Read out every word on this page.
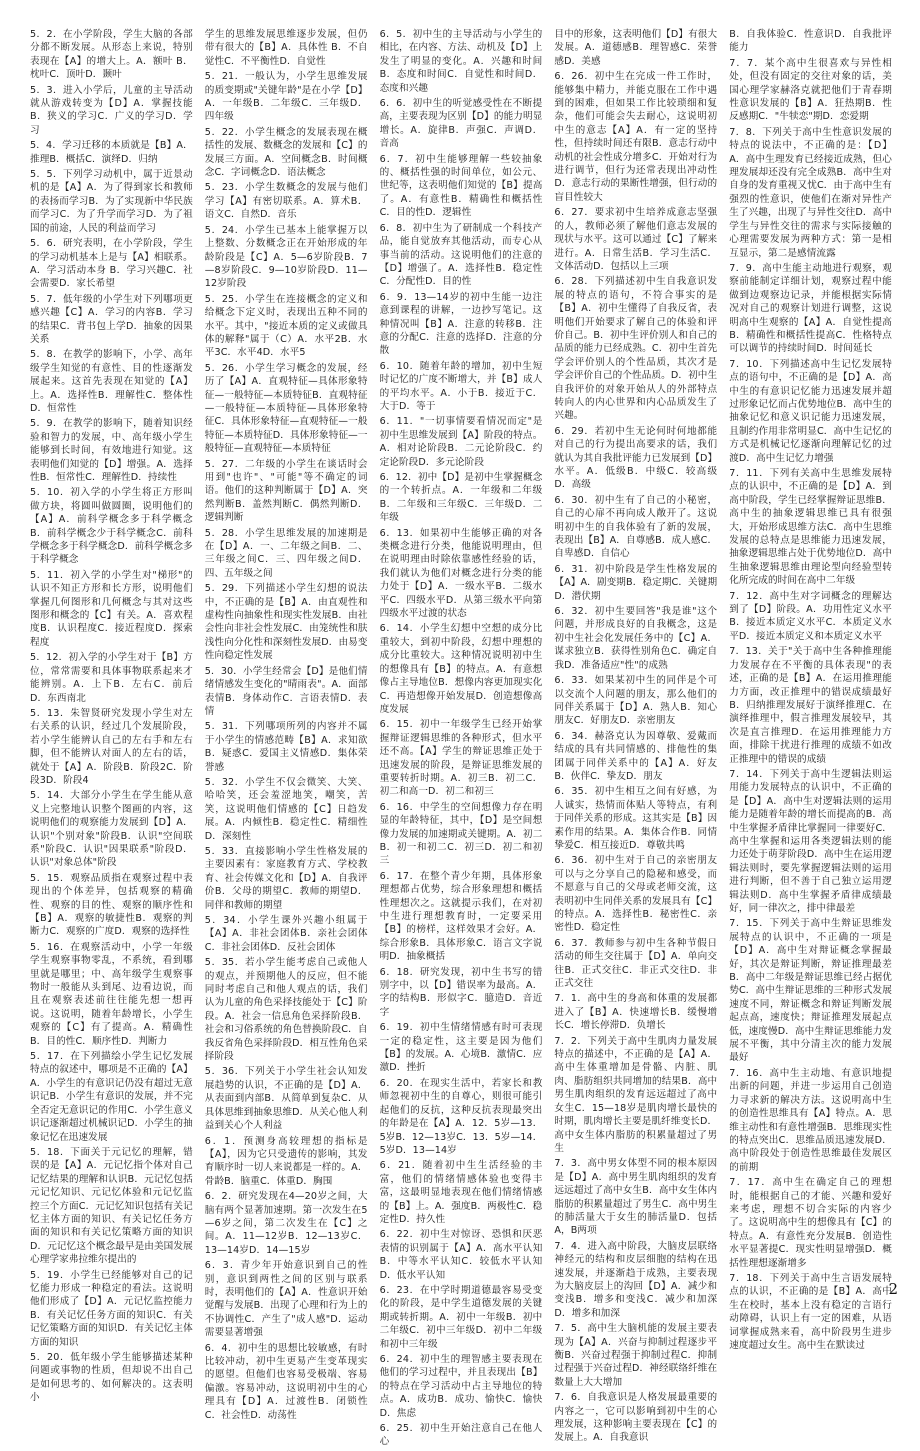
5．2．在小学阶段，学生大脑的各部分都不断发展。从形态上来说，特别表现在【A】的增大上。A．额叶 B．枕叶C．顶叶D．颞叶

5．3．进入小学后，儿童的主导活动就从游戏转变为【D】A．掌握技能 B．狭义的学习C．广义的学习D．学习

5．4．学习迁移的本质就是【B】A．推理B．概括C．演绎D．归纳

5．5．下列学习动机中，属于近景动机的是【A】A．为了得到家长和教师的表扬而学习B．为了实现新中华民族而学习C．为了升学而学习D．为了祖国的前途，人民的利益而学习

5．6．研究表明，在小学阶段，学生的学习动机基本上是与【A】相联系。A．学习活动本身 B．学习兴趣C．社会需要D．家长希望

5．7．低年级的小学生对下列哪项更感兴趣【C】A．学习的内容B．学习的结果C．背书包上学D．抽象的因果关系

5．8．在教学的影响下，小学、高年级学生知觉的有意性、目的性逐渐发展起来。这首先表现在知觉的【A】上。A．选择性B．理解性C．整体性D．恒常性

5．9．在教学的影响下，随着知识经验和智力的发展，中、高年级小学生能够到长时间，有效地进行知觉。这表明他们知觉的【D】增强。A．选择性B．恒常性C．理解性D．持续性

5．10．初入学的小学生将正方形叫做方块，将圆叫做圆圈，说明他们的【A】A．前科学概念多于科学概念B．前科学概念少于科学概念C．前科学概念多于科学概念D．前科学概念多于科学概念

5．11．初入学的小学生对"梯形"的认识不知正方形和长方形，说明他们掌握几何图形和几何概念与其对这些图形和概念的【C】有关。A．喜欢程度B．认识程度C．接近程度D．探索程度

5．12．初入学的小学生对于【B】方位，常常需要和具体事物联系起来才能辨别。A．上下B．左右C．前后D．东西南北

5．13．朱智贤研究发现小学生对左右关系的认识，经过几个发展阶段，若小学生能辨认自己的左右手和左右脚，但不能辨认对面人的左右的话，就处于【A】A．阶段B．阶段2C．阶段3D．阶段4

5．14．大部分小学生在学生能从意义上完整地认识整个图画的内容，这说明他们的观察能力发展到【D】A．认识"个别对象"阶段B．认识"空间联系"阶段C．认识"因果联系"阶段D．认识"对象总体"阶段

5．15．观察品质指在观察过程中表现出的个体差异，包括观察的精确性、观察的目的性、观察的顺序性和【B】A．观察的敏捷性B．观察的判断力C．观察的广度D．观察的选择性

5．16．在观察活动中，小学一年级学生观察事物零乱，不系统，看到哪里就是哪里；中、高年级学生观察事物时一般能从头到尾、边看边说，而且在观察表述前往往能先想一想再说。这说明，随着年龄增长，小学生观察的【C】有了提高。A．精确性B．目的性C．顺序性D．判断力

5．17．在下列描绘小学生记忆发展特点的叙述中，哪项是不正确的【A】A．小学生的有意识记仍没有超过无意识记B．小学生有意识的发展，并不完全否定无意识记的作用C．小学生意义识记逐渐超过机械识记D．小学生的抽象记忆在迅速发展

5．18．下面关于元记忆的理解，错误的是【A】A．元记忆指个体对自己记忆结果的理解和认识B．元记忆包括元记忆知识、元记忆体验和元记忆监控三个方面C．元记忆知识包括有关记忆主体方面的知识、有关记忆任务方面的知识和有关记忆策略方面的知识D．元记忆这个概念最早是由美国发展心理学家弗拉维尔提出的

5．19．小学生已经能够对自己的记忆能力形成一种稳定的看法。这说明他们形成了【D】A．元记忆监控能力B．有关记忆任务方面的知识C．有关记忆策略方面的知识D．有关记忆主体方面的知识

5．20．低年级小学生能够描述某种问题或事物的性质，但却说不出自己是如何思考的、如何解决的。这表明小

学生的思维发展思维逐步发展，但仍带有很大的【B】A．具体性 B．不自觉性C．不平衡性D．自觉性

5．21．一般认为，小学生思维发展的质变期或"关键年龄"是在小学【D】A．一年级B．二年级C．三年级D．四年级

5．22．小学生概念的发展表现在概括性的发展、数概念的发展和【C】的发展三方面。A．空间概念B．时间概念C．字词概念D．语法概念

5．23．小学生数概念的发展与他们学习【A】有密切联系。A．算术B．语文C．自然D．音乐

5．24．小学生已基本上能掌握万以上整数、分数概念正在开始形成的年龄阶段是【C】A．5—6岁阶段B．7—8岁阶段C．9—10岁阶段D．11—12岁阶段

5．25．小学生在连接概念的定义和给概念下定义时，表现出五种不同的水平。其中，"接近本质的定义或做具体的解释"属于（C）A．水平2B．水平3C．水平4D．水平5

5．26．小学生学习概念的发展，经历了【A】A．直观特征—具体形象特征—一般特征—本质特征B．直观特征—一般特征—本质特征—具体形象特征C．具体形象特征—直观特征—一般特征—本质特征D．具体形象特征—一般特征—直观特征—本质特征

5．27．二年级的小学生在谈话时会用到"也许"、"可能"等不确定的词语。他们的这种判断属于【D】A．突然判断B．盖然判断C．偶然判断D．逻辑判断

5．28．小学生思维发展的加速期是在【D】A．一、二年级之间B．二、三年级之间C．三、四年级之间D．四、五年级之间

5．29．下列描述小学生幻想的说法中，不正确的是【B】A．由直观性和虚构性向抽象性和现实性发展B．由社会性向非社会性发展C．由笼统性和肤浅性向分化性和深刻性发展D．由易变性向稳定性发展

5．30．小学生经常会【D】是他们情绪情感发生变化的"晴雨表"。A．面部表情B．身体动作C．言语表情D．表情

5．31．下列哪项所列的内容并不属于小学生的情感范畴【B】A．求知欲B．疑惑C．爱国主义情感D．集体荣誉感

5．32．小学生不仅会微笑、大笑、哈哈笑，还会羞涩地笑，嘲笑，苦笑，这说明他们情感的【C】日趋发展。A．内倾性B．稳定性C．精细性D．深刻性

5．33．直接影响小学生性格发展的主要因素有：家庭教育方式、学校教育、社会传媒文化和【D】A．自我评价B．父母的期望C．教师的期望D．同伴和教师的期望

5．34．小学生课外兴趣小组属于【A】A．非社会团体B．亲社会团体C．非社会团体D．反社会团体

5．35．若小学生能考虑自己或他人的观点，并预期他人的反应，但不能同时考虑自己和他人观点的话，我们认为儿童的角色采择技能处于【C】阶段。A．社会一信息角色采择阶段B．社会和习俗系统的角色替换阶段C．自我反省角色采择阶段D．相互性角色采择阶段

5．36．下列关于小学生社会认知发展趋势的认识，不正确的是【D】A．从表面到内部B．从简单到复杂C．从具体思维到抽象思维D．从关心他人利益到关心个人利益

6．1．预测身高较理想的指标是【A】，因为它只受遗传的影响，其发育顺序时一切人来说都是一样的。A．骨龄B．脑重C．体重D．胸围

6．2．研究发现在4—20岁之间，大脑有两个显著加速期。第一次发生在5—6岁之间，第二次发生在【C】之间。A．11—12岁B．12—13岁C．13—14岁D．14—15岁

6．3．青少年开始意识到自己的性别，意识到两性之间的区别与联系时，表明他们的【A】A．性意识开始觉醒与发展B．出现了心理和行为上的不协调性C．产生了"成人感"D．运动需要显著增强

6．4．初中生的思想比较敏感，有时比较冲动，初中生更易产生变革现实的愿望。但他们也容易受极端、容易偏激。容易冲动，这说明初中生的心理具有【D】A．过渡性B．闭锁性C．社会性D．动荡性

6．5．初中生的主导活动与小学生的相比，在内容、方法、动机及【D】上发生了明显的变化。A．兴趣和时间B．态度和时间C．自觉性和时间D．态度和兴趣

6．6．初中生的听觉感受性在不断提高，主要表现为区别【D】的能力明显增长。A．旋律B．声强C．声调D．音高

6．7．初中生能够理解一些较抽象的、概括性强的时间单位，如公元、世纪等，这表明他们知觉的【B】提高了。A．有意性B．精确性和概括性C．目的性D．逻辑性

6．8．初中生为了研制成一个科技产品，能自觉放弃其他活动，而专心从事当前的活动。这说明他们的注意的【D】增强了。A．选择性B．稳定性C．分配性D．目的性

6．9．13—14岁的初中生能一边注意到课程的讲解，一边抄写笔记。这种情况叫【B】A．注意的转移B．注意的分配C．注意的选择D．注意的分散

6．10．随着年龄的增加，初中生短时记忆的广度不断增大，并【B】成人的平均水平。A．小于B．接近于C．大于D．等于

6．11．"一切事情要看情况而定"是初中生思维发展到【A】阶段的特点。A．相对论阶段B．二元论阶段C．约定论阶段D．多元论阶段

6．12．初中【D】是初中生掌握概念的一个转折点。A．一年级和二年级B．二年级和三年级C．三年级D．二年级

6．13．如果初中生能够正确的对各类概念进行分类，他能说明理由，但在说明理由时除依靠感性经验的话，我们就认为他们对概念进行分类的能力处于【D】A．一级水平B．二级水平C．四级水平D．从第三级水平向第四级水平过渡的状态

6．14．小学生幻想中空想的成分比重较大，到初中阶段，幻想中理想的成分比重较大。这种情况说明初中生的想像具有【B】的特点。A．有意想像占主导地位B．想像内容更加现实化C．再造想像开始发展D．创造想像高度发展

6．15．初中一年级学生已经开始掌握辩证逻辑思维的各种形式，但水平还不高。【A】学生的辩证思维正处于迅速发展的阶段，是辩证思维发展的重要转折时期。A．初三B．初二C．初二和高一D．初二和初三

6．16．中学生的空间想像力存在明显的年龄特征，其中，【D】是空间想像力发展的加速期或关键期。A．初二B．初一和初二C．初三D．初二和初三

6．17．在整个青少年期，具体形象理想都占优势，综合形象理想和概括性理想次之。这就提示我们，在对初中生进行理想教育时，一定要采用【B】的榜样，这样效果才会好。A．综合形象B．具体形象C．语言文字说明D．抽象概括

6．18．研究发现，初中生书写的错别字中，以【D】错误率为最高。A．字的结构B．形似字C．臆造D．音近字

6．19．初中生情绪情感有时可表现一定的稳定性，这主要是因为他们【B】的发展。A．心境B．激情C．应激D．挫折

6．20．在现实生活中，若家长和教师忽视初中生的自尊心，则很可能引起他们的反抗，这种反抗表现最突出的年龄是在【A】A．12．5岁—13．5岁B．12—13岁C．13．5岁—14．5岁D．13—14岁

6．21．随着初中生生活经验的丰富，他们的情绪情感体验也变得丰富，这最明显地表现在他们情绪情感的【B】上。A．强度B．两极性C．稳定性D．持久性

6．22．初中生对惊讶、恐惧和厌恶表情的识别属于【A】A．高水平认知B．中等水平认知C．较低水平认知D．低水平认知

6．23．在中学时期道德最容易受变化的阶段，是中学生道德发展的关键期或转折期。A．初中一年级B．初中二年级C．初中三年级D．初中二年级和初中三年级

6．24．初中生的理智感主要表现在他们的学习过程中，并且表现出【B】的特点在学习活动中占主导地位的特点。A．成功B．成功、愉快C．愉快D．焦虑

6．25．初中生开始注意自己在他人心

目中的形象，这表明他们【D】有很大发展。A．道德感B．理智感C．荣誉感D．美感

6．26．初中生在完成一件工作时，能够集中精力，并能克服在工作中遇到的困难，但如果工作比较琐细和复杂，他们可能会失去耐心，这说明初中生的意志【A】A．有一定的坚持性，但持续时间还有限B．意志行动中动机的社会性成分增多C．开始对行为进行调节，但行为还常表现出冲动性D．意志行动的果断性增强，但行动的盲目性较大

6．27．要求初中生培养成意志坚强的人，教师必须了解他们意志发展的现状与水平。这可以通过【C】了解来进行。A．日常生活B．学习生活C．文体活动D．包括以上三项

6．28．下列描述初中生自我意识发展的特点的语句，不符合事实的是【B】A．初中生懂得了自我反省，表明他们开始要求了解自己的体验和评价自己。B．初中生评价别人和自己的品质的能力已经成熟。C．初中生首先学会评价别人的个性品质，其次才是学会评价自己的个性品质。D．初中生自我评价的对象开始从人的外部特点转向人的内心世界和内心品质发生了兴趣。

6．29．若初中生无论何时何地都能对自己的行为提出高要求的话，我们就认为其自我批评能力已发展到【D】水平。A．低级B．中级C．较高级D．高级

6．30．初中生有了自己的小秘密，自己的心扉不再向成人敞开了。这说明初中生的自我体验有了新的发展，表现出【B】A．自尊感B．成人感C．自卑感D．自信心

6．31．初中阶段是学生性格发展的【A】A．剧变期B．稳定期C．关键期D．潜伏期

6．32．初中生要回答"我是谁"这个问题，并形成良好的自我概念，这是初中生社会化发展任务中的【C】A．谋求独立B．获得性别角色C．确定自我D．准备适应"性"的成熟

6．33．如果某初中生的同伴是个可以交流个人问题的朋友，那么他们的同伴关系属于【D】A．熟人B．知心朋友C．好朋友D．亲密朋友

6．34．赫洛克认为因尊敬、爱戴而结成的具有共同情感的、排他性的集团属于同伴关系中的【A】A．好友B．伙伴C．挚友D．朋友

6．35．初中生相互之间有好感，为人诚实，热情而体贴人等特点，有利于同伴关系的形成。这其实是【B】因素作用的结果。A．集体合作B．同情挚爱C．相互接近D．尊敬共鸣

6．36．初中生对于自己的亲密朋友可以与之分享自己的隐秘和感受，而不愿意与自己的父母或老师交流，这表明初中生同伴关系的发展具有【C】的特点。A．选择性B．秘密性C．亲密性D．稳定性

6．37．教师参与初中生各种节假日活动的师生交往属于【D】A．单向交往B．正式交往C．非正式交往D．非正式交往

7．1．高中生的身高和体重的发展都进入了【B】A．快速增长B．缓慢增长C．增长停滞D．负增长

7．2．下列关于高中生肌肉力量发展特点的描述中，不正确的是【A】A．高中生体重增加是骨骼、内脏、肌肉、脂肪组织共同增加的结果B．高中男生肌肉组织的发育远远超过了高中女生C．15—18岁是肌肉增长最快的时期，肌肉增长主要是肌纤维变长D．高中女生体内脂肪的积累量超过了男生

7．3．高中男女体型不同的根本原因是【D】A．高中男生肌肉组织的发育远远超过了高中女生B．高中女生体内脂肪的积累量超过了男生C．高中男生的肺活量大于女生的肺活量D．包括A，B两项

7．4．进入高中阶段，大脑皮层联络神经元的结构和皮层细胞的结构在迅速发展，并逐渐趋于成熟，主要表现为大脑皮层上的沟回【D】A．减少和变浅B．增多和变浅C．减少和加深D．增多和加深

7．5．高中生大脑机能的发展主要表现为【A】A．兴奋与抑制过程逐步平衡B．兴奋过程强于抑制过程C．抑制过程强于兴奋过程D．神经联络纤维在数量上大大增加

7．6．自我意识是人格发展最重要的内容之一，它可以影响到初中生的心理发展，这种影响主要表现在【C】的发展上。A．自我意识

B．自我体验C．性意识D．自我批评能力

7．7．某个高中生很喜欢与异性相处，但没有固定的交往对象的话，美国心理学家赫洛克就把他们于青春期性意识发展的【B】A．狂热期B．性反感期C．"牛犊恋"期D．恋爱期

7．8．下列关于高中生性意识发展的特点的说法中，不正确的是：【D】A．高中生理发育已经接近成熟，但心理发展却还没有完全成熟B．高中生对自身的发育重视又忧C．由于高中生有强烈的性意识，使他们在渐对异性产生了兴趣，出现了与异性交往D．高中学生与异性交往的需求与实际接触的心理需要发展为两种方式：第一是相互显示，第二是感情流露

7．9．高中生能主动地进行观察，观察前能制定详细计划，观察过程中能做到边观察边记录，并能根据实际情况对自己的观察计划进行调整，这说明高中生观察的【A】A．自觉性提高B．精确性和概括性提高C．性格特点可以调节的持续时间D．时间延长

7．10．下列描述高中生记忆发展特点的语句中，不正确的是【D】A．高中生的有意识记忆能力迅速发展并超过形象记忆而占优势地位B．高中生的抽象记忆和意义识记能力迅速发展，且制约作用非常明显C．高中生记忆的方式是机械记忆逐渐向理解记忆的过渡D．高中生记忆力增强

7．11．下列有关高中生思维发展特点的认识中，不正确的是【D】A．到高中阶段，学生已经掌握辩证思维B．高中生的抽象逻辑思维已具有很强大，开始形成思维方法C．高中生思维发展的总特点是思维能力迅速发展，抽象逻辑思维占处于优势地位D．高中生抽象逻辑思维由理论型向经验型转化所完成的时间在高中二年级

7．12．高中生对字词概念的理解达到了【D】阶段。A．功用性定义水平B．接近本质定义水平C．本质定义水平D．接近本质定义和本质定义水平

7．13．关于"关于高中生各种推理能力发展存在不平衡的具体表现"的表述，正确的是【B】A．在运用推理能力方面，改正推理中的错误成绩最好B．归纳推理发展好于演绎推理C．在演绎推理中，假言推理发展较早，其次是直言推理D．在运用推理能力方面，排除干扰进行推理的成绩不如改正推理中的错误的成绩

7．14．下列关于高中生逻辑法则运用能力发展特点的认识中，不正确的是【D】A．高中生对逻辑法则的运用能力是随着年龄的增长而提高的B．高中生掌握矛盾律比掌握同一律要好C．高中生掌握和运用各类逻辑法则的能力还处于萌芽阶段D．高中生在运用逻辑法则时，要先掌握逻辑法则的运用进行判断，但不善于自己独立运用逻辑法则D．高中生掌握矛盾律成绩最好，同一律次之，排中律最差

7．15．下列关于高中生辩证思维发展特点的认识中，不正确的一项是【D】A．高中生对辩证概念掌握最好，其次是辩证判断，辩证推理最差B．高中二年级是辩证思维已经占据优势C．高中生辩证思维的三种形式发展速度不同，辩证概念和辩证判断发展起点高，速度快；辩证推理发展起点低，速度慢D．高中生辩证思维能力发展不平衡，其中分清主次的能力发展最好

7．16．高中生主动地、有意识地提出新的问题，并进一步运用自己创造力寻求新的解决方法。这说明高中生的创造性思维具有【A】特点。A．思维主动性和有意性增强B．思维现实性的特点突出C．思维品质迅速发展D．高中阶段处于创造性思维最佳发展区的前期

7．17．高中生在确定自己的理想时，能根据自己的才能、兴趣和爱好来考虑，理想不切合实际的内容少了。这说明高中生的想像具有【C】的特点。A．有意性充分发展B．创造性水平显著提C．现实性明显增强D．概括性理想逐渐增多

7．18．下列关于高中生言语发展特点的认识，不正确的是【B】A．高中生在校时，基本上没有稳定的言语行动障碍，认识上有一定的困难，从语词掌握成熟来看，高中阶段男生进步速度超过女生。高中生在默读过

2
